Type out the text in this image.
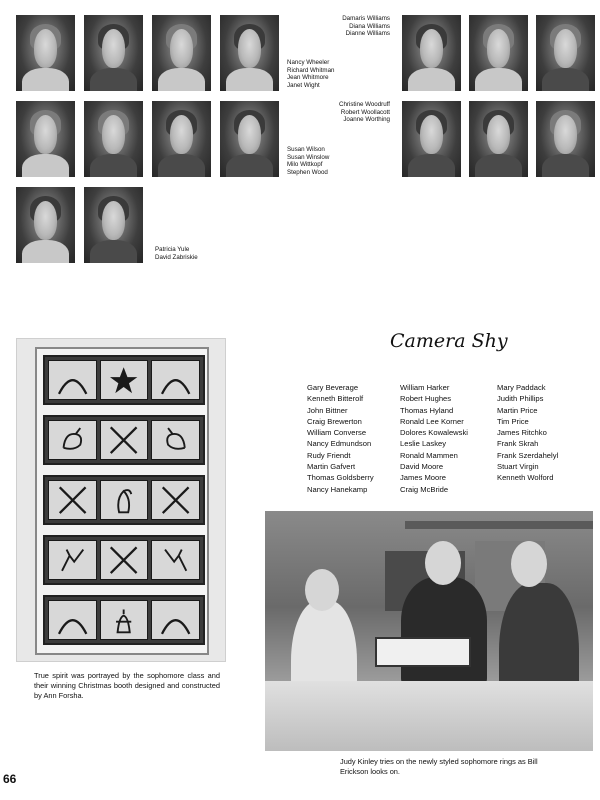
Nancy Wheeler
Richard Whitman
Jean Whitmore
Janet Wight
Susan Wilson
Susan Winslow
Milo Wittkopf
Stephen Wood
Patricia Yule
David Zabriskie
Damaris Williams
Diana Williams
Dianne Williams
Christine Woodruff
Robert Woollacott
Joanne Worthing
True spirit was portrayed by the sophomore class and their winning Christmas booth designed and constructed by Ann Forsha.
Camera Shy
Gary Beverage
Kenneth Bitterolf
John Bittner
Craig Brewerton
William Converse
Nancy Edmundson
Rudy Friendt
Martin Gafvert
Thomas Goldsberry
Nancy Hanekamp
William Harker
Robert Hughes
Thomas Hyland
Ronald Lee Korner
Dolores Kowalewski
Leslie Laskey
Ronald Mammen
David Moore
James Moore
Craig McBride
Mary Paddack
Judith Phillips
Martin Price
Tim Price
James Ritchko
Frank Skrah
Frank Szerdahelyl
Stuart Virgin
Kenneth Wolford
Judy Kinley tries on the newly styled sophomore rings as Bill Erickson looks on.
66
